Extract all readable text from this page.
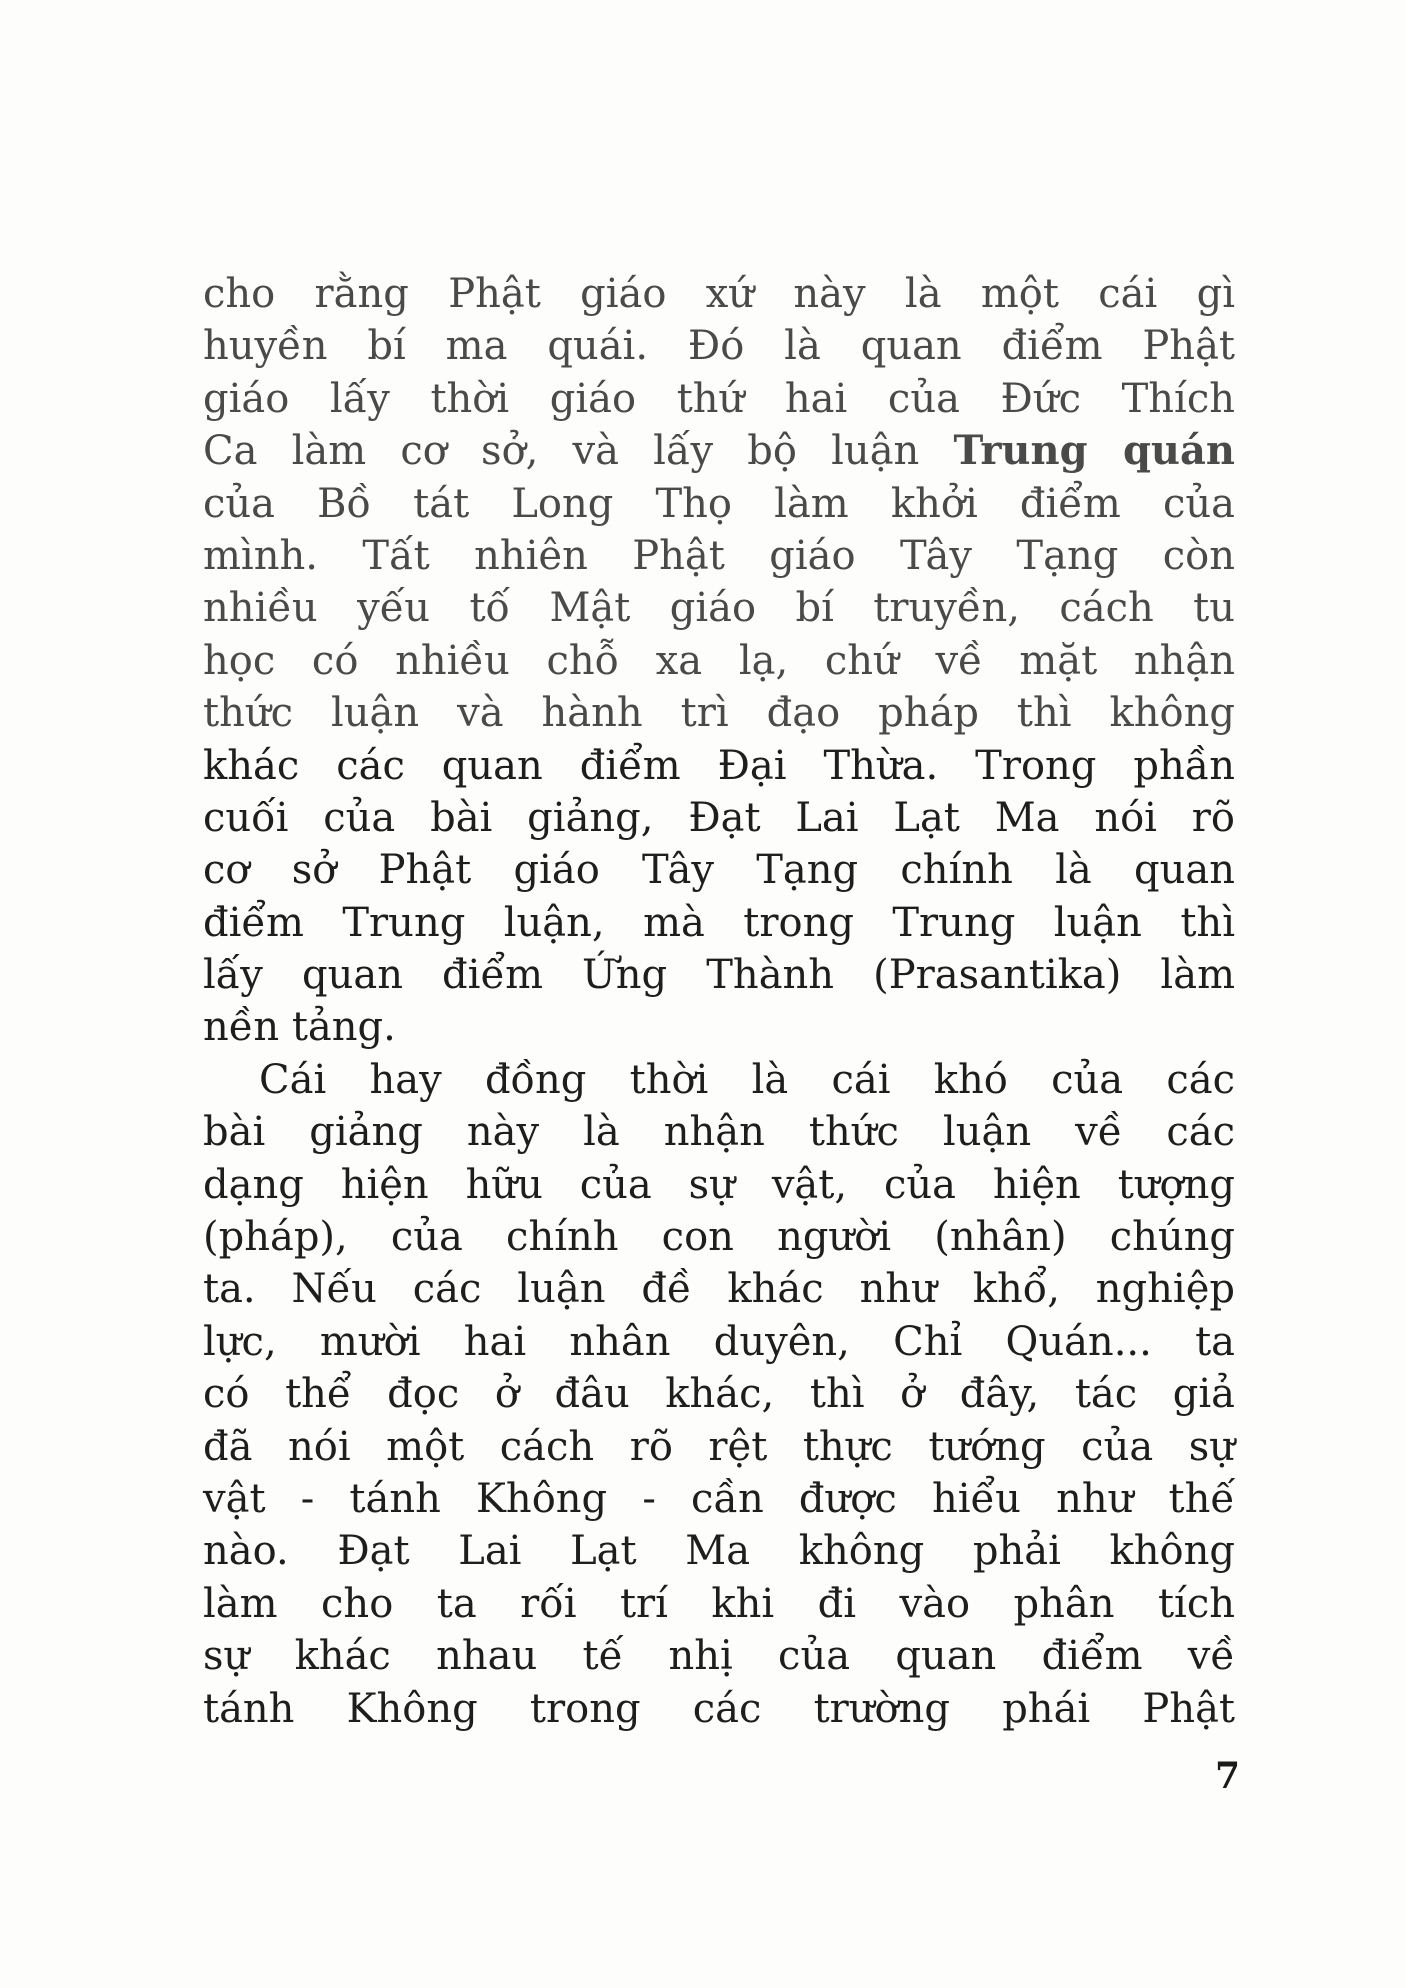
cho rằng Phật giáo xứ này là một cái gì
huyền bí ma quái. Đó là quan điểm Phật
giáo lấy thời giáo thứ hai của Đức Thích
Ca làm cơ sở, và lấy bộ luận Trung quán
của Bồ tát Long Thọ làm khởi điểm của
mình. Tất nhiên Phật giáo Tây Tạng còn
nhiều yếu tố Mật giáo bí truyền, cách tu
học có nhiều chỗ xa lạ, chứ về mặt nhận
thức luận và hành trì đạo pháp thì không
khác các quan điểm Đại Thừa. Trong phần
cuối của bài giảng, Đạt Lai Lạt Ma nói rõ
cơ sở Phật giáo Tây Tạng chính là quan
điểm Trung luận, mà trong Trung luận thì
lấy quan điểm Ứng Thành (Prasantika) làm
nền tảng.
Cái hay đồng thời là cái khó của các
bài giảng này là nhận thức luận về các
dạng hiện hữu của sự vật, của hiện tượng
(pháp), của chính con người (nhân) chúng
ta. Nếu các luận đề khác như khổ, nghiệp
lực, mười hai nhân duyên, Chỉ Quán... ta
có thể đọc ở đâu khác, thì ở đây, tác giả
đã nói một cách rõ rệt thực tướng của sự
vật - tánh Không - cần được hiểu như thế
nào. Đạt Lai Lạt Ma không phải không
làm cho ta rối trí khi đi vào phân tích
sự khác nhau tế nhị của quan điểm về
tánh Không trong các trường phái Phật
7
